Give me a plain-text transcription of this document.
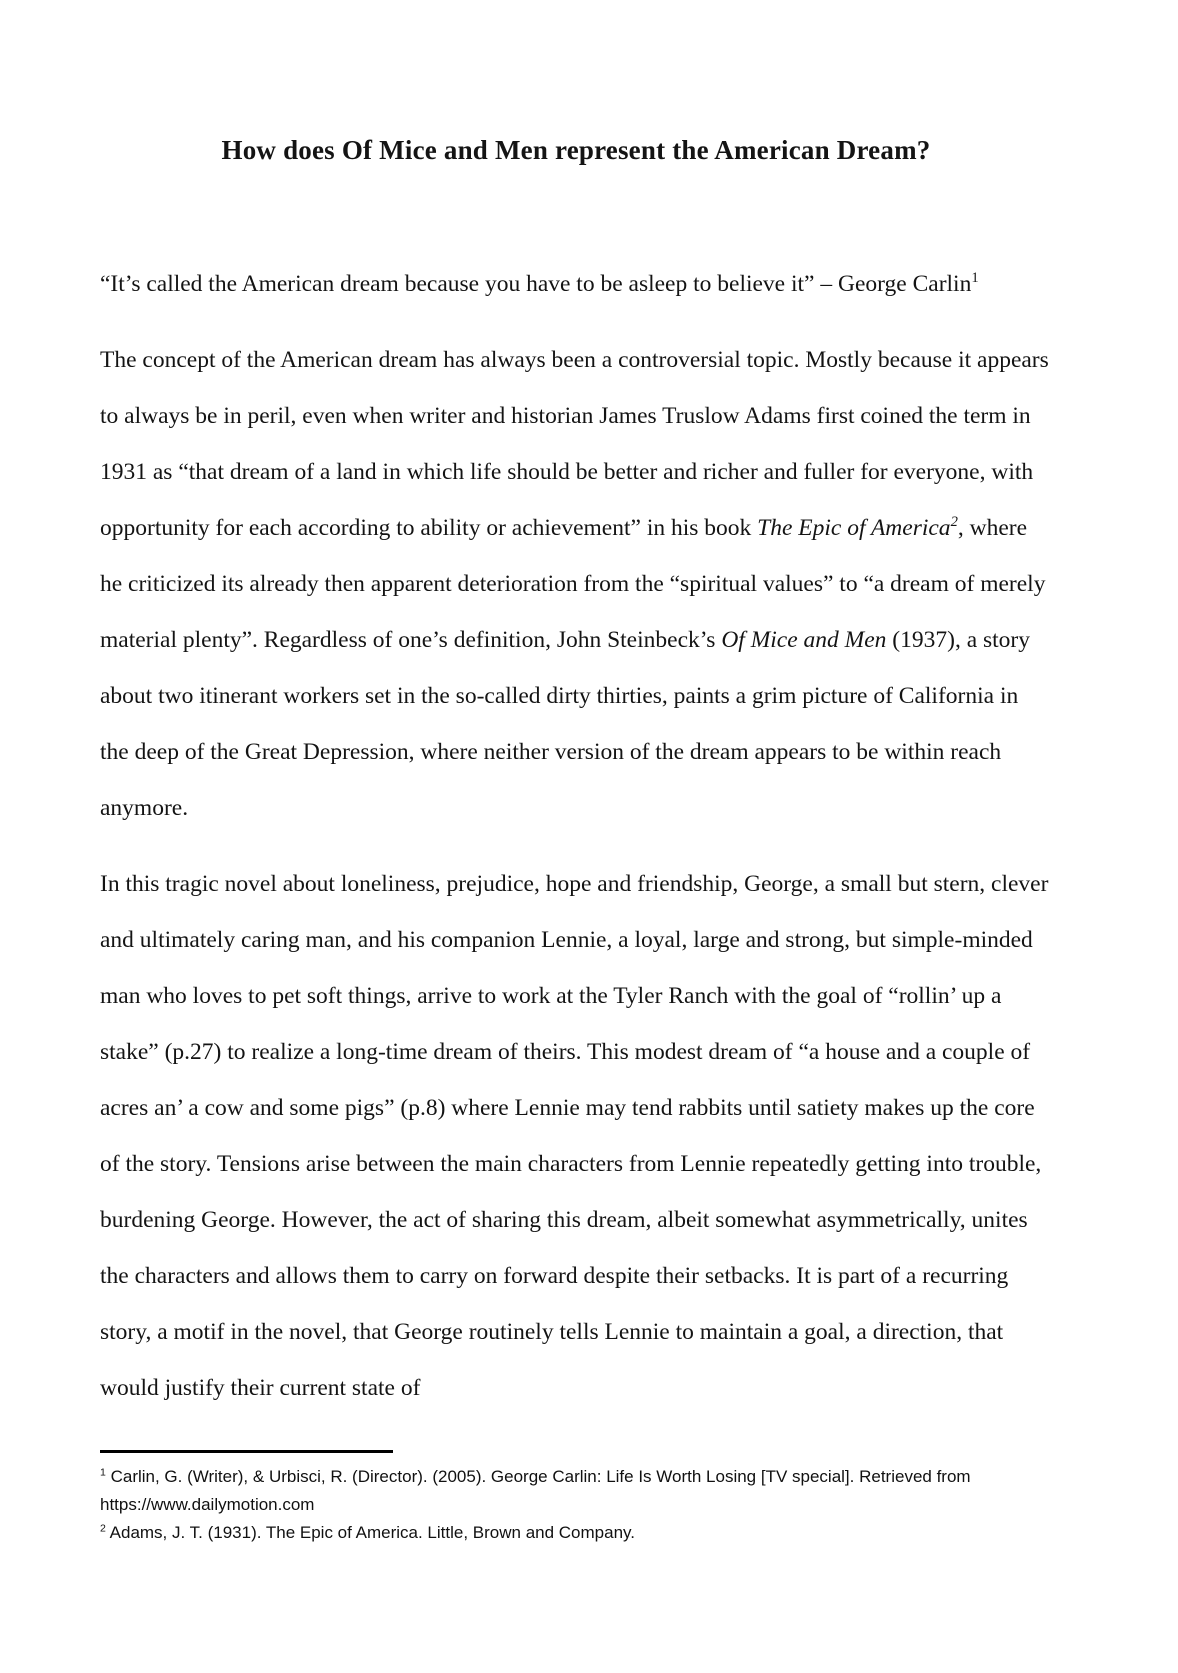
How does Of Mice and Men represent the American Dream?

“It’s called the American dream because you have to be asleep to believe it” – George Carlin$^1$

The concept of the American dream has always been a controversial topic. Mostly because it appears to always be in peril, even when writer and historian James Truslow Adams first coined the term in 1931 as “that dream of a land in which life should be better and richer and fuller for everyone, with opportunity for each according to ability or achievement” in his book The Epic of America$^2$, where he criticized its already then apparent deterioration from the “spiritual values” to “a dream of merely material plenty”. Regardless of one’s definition, John Steinbeck’s Of Mice and Men (1937), a story about two itinerant workers set in the so-called dirty thirties, paints a grim picture of California in the deep of the Great Depression, where neither version of the dream appears to be within reach anymore.

In this tragic novel about loneliness, prejudice, hope and friendship, George, a small but stern, clever and ultimately caring man, and his companion Lennie, a loyal, large and strong, but simple-minded man who loves to pet soft things, arrive to work at the Tyler Ranch with the goal of “rollin’ up a stake” (p.27) to realize a long-time dream of theirs. This modest dream of “a house and a couple of acres an’ a cow and some pigs” (p.8) where Lennie may tend rabbits until satiety makes up the core of the story. Tensions arise between the main characters from Lennie repeatedly getting into trouble, burdening George. However, the act of sharing this dream, albeit somewhat asymmetrically, unites the characters and allows them to carry on forward despite their setbacks. It is part of a recurring story, a motif in the novel, that George routinely tells Lennie to maintain a goal, a direction, that would justify their current state of

$^1$ Carlin, G. (Writer), & Urbisci, R. (Director). (2005). George Carlin: Life Is Worth Losing [TV special]. Retrieved from
https://www.dailymotion.com

$^2$ Adams, J. T. (1931). The Epic of America. Little, Brown and Company.
